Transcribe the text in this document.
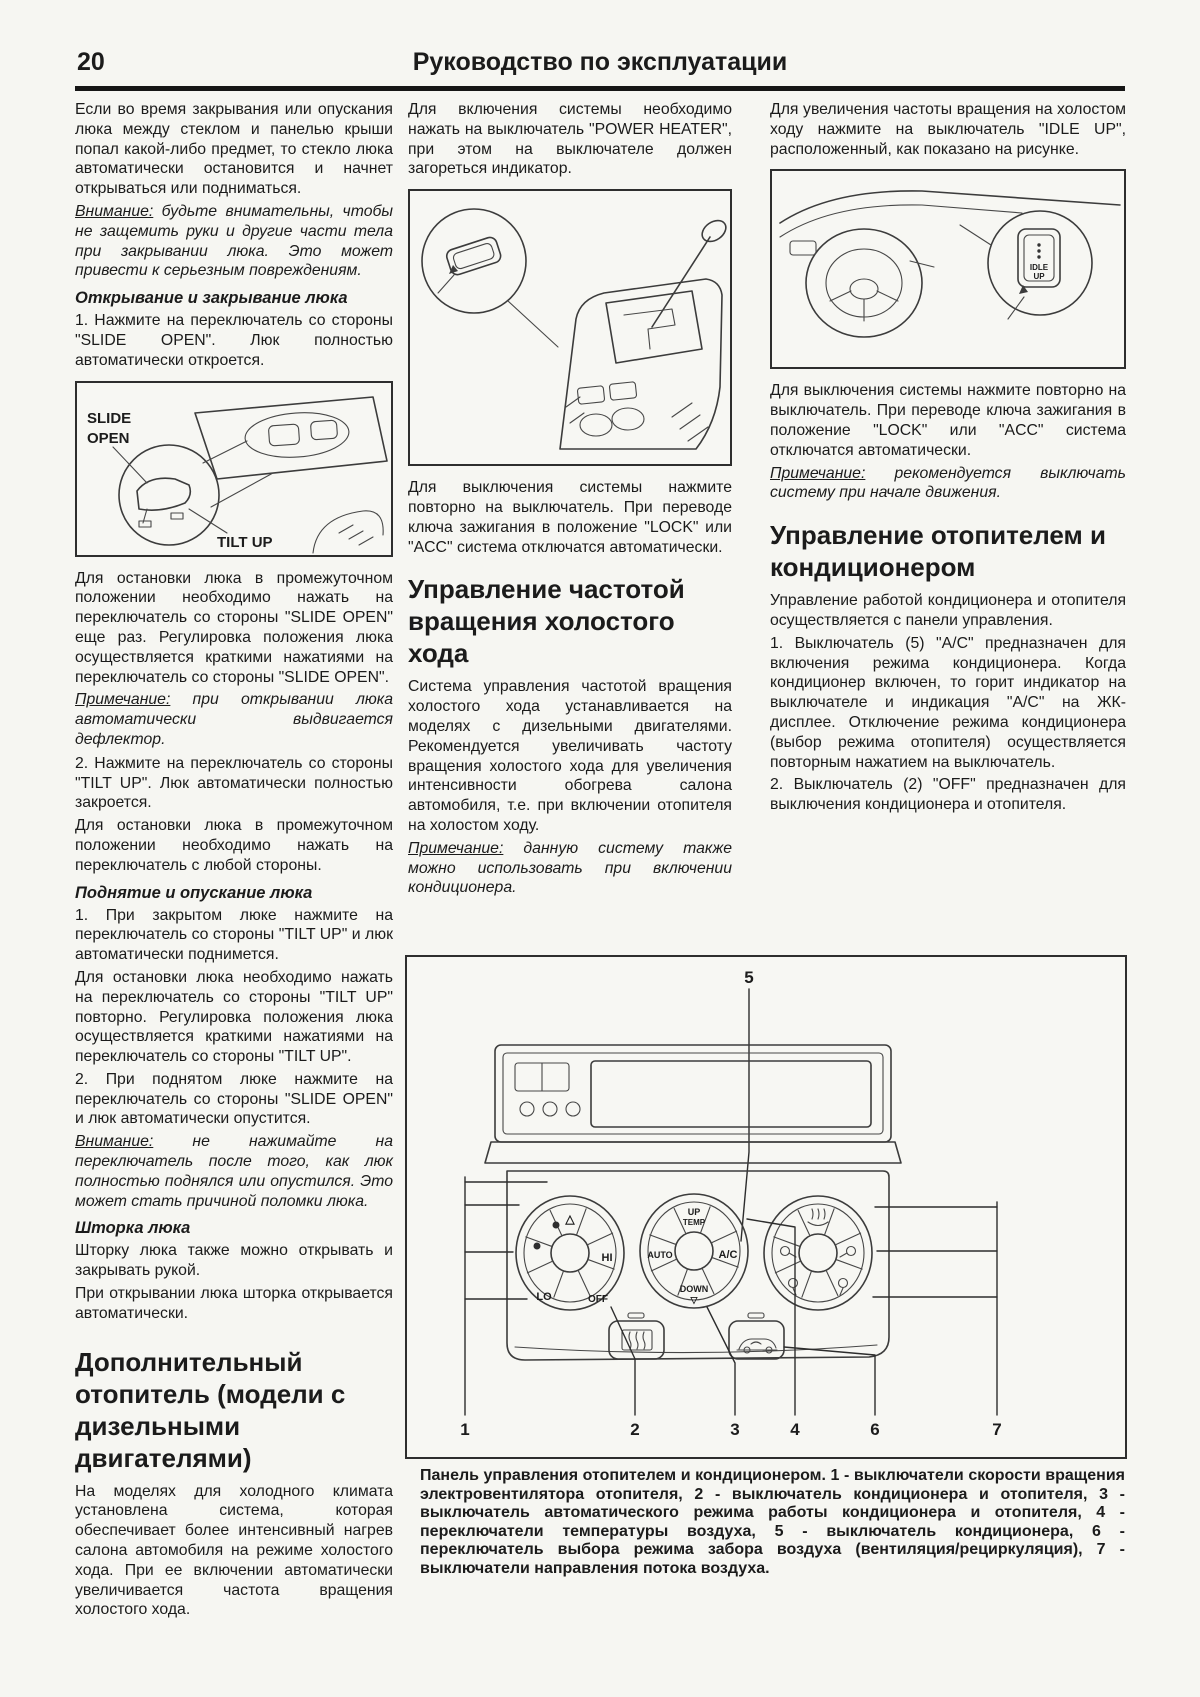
20	Руководство по эксплуатации

Если во время закрывания или опускания люка между стеклом и панелью крыши попал какой-либо предмет, то стекло люка автоматически остановится и начнет открываться или подниматься.

Внимание: будьте внимательны, чтобы не защемить руки и другие части тела при закрывании люка. Это может привести к серьезным повреждениям.

Открывание и закрывание люка

1. Нажмите на переключатель со стороны "SLIDE OPEN". Люк полностью автоматически откроется.

SLIDE
OPEN
TILT UP

Для остановки люка в промежуточном положении необходимо нажать на переключатель со стороны "SLIDE OPEN" еще раз. Регулировка положения люка осуществляется краткими нажатиями на переключатель со стороны "SLIDE OPEN".

Примечание: при открывании люка автоматически выдвигается дефлектор.

2. Нажмите на переключатель со стороны "TILT UP". Люк автоматически полностью закроется.

Для остановки люка в промежуточном положении необходимо нажать на переключатель с любой стороны.

Поднятие и опускание люка

1. При закрытом люке нажмите на переключатель со стороны "TILT UP" и люк автоматически поднимется.

Для остановки люка необходимо нажать на переключатель со стороны "TILT UP" повторно. Регулировка положения люка осуществляется краткими нажатиями на переключатель со стороны "TILT UP".

2. При поднятом люке нажмите на переключатель со стороны "SLIDE OPEN" и люк автоматически опустится.

Внимание: не нажимайте на переключатель после того, как люк полностью поднялся или опустился. Это может стать причиной поломки люка.

Шторка люка

Шторку люка также можно открывать и закрывать рукой.

При открывании люка шторка открывается автоматически.

Дополнительный отопитель (модели с дизельными двигателями)

На моделях для холодного климата установлена система, которая обеспечивает более интенсивный нагрев салона автомобиля на режиме холостого хода. При ее включении автоматически увеличивается частота вращения холостого хода.

Для включения системы необходимо нажать на выключатель "POWER HEATER", при этом на выключателе должен загореться индикатор.

Для выключения системы нажмите повторно на выключатель. При переводе ключа зажигания в положение "LOCK" или "ACC" система отключатся автоматически.

Управление частотой вращения холостого хода

Система управления частотой вращения холостого хода устанавливается на моделях с дизельными двигателями. Рекомендуется увеличивать частоту вращения холостого хода для увеличения интенсивности обогрева салона автомобиля, т.е. при включении отопителя на холостом ходу.

Примечание: данную систему также можно использовать при включении кондиционера.

Для увеличения частоты вращения на холостом ходу нажмите на выключатель "IDLE UP", расположенный, как показано на рисунке.

IDLE
UP

Для выключения системы нажмите повторно на выключатель. При переводе ключа зажигания в положение "LOCK" или "ACC" система отключатся автоматически.

Примечание: рекомендуется выключать систему при начале движения.

Управление отопителем и кондиционером

Управление работой кондиционера и отопителя осуществляется с панели управления.

1. Выключатель (5) "A/C" предназначен для включения режима кондиционера. Когда кондиционер включен, то горит индикатор на выключателе и индикация "A/C" на ЖК-дисплее. Отключение режима кондиционера (выбор режима отопителя) осуществляется повторным нажатием на выключатель.

2. Выключатель (2) "OFF" предназначен для выключения кондиционера и отопителя.

5
△
HI
LO	OFF
UP
TEMP
AUTO	A/C
DOWN
▽
1	2	3	4	6	7
Панель управления отопителем и кондиционером. 1 - выключатели скорости вращения электровентилятора отопителя, 2 - выключатель кондиционера и отопителя, 3 - выключатель автоматического режима работы кондиционера и отопителя, 4 - переключатели температуры воздуха, 5 - выключатель кондиционера, 6 - переключатель выбора режима забора воздуха (вентиляция/рециркуляция), 7 - выключатели направления потока воздуха.
